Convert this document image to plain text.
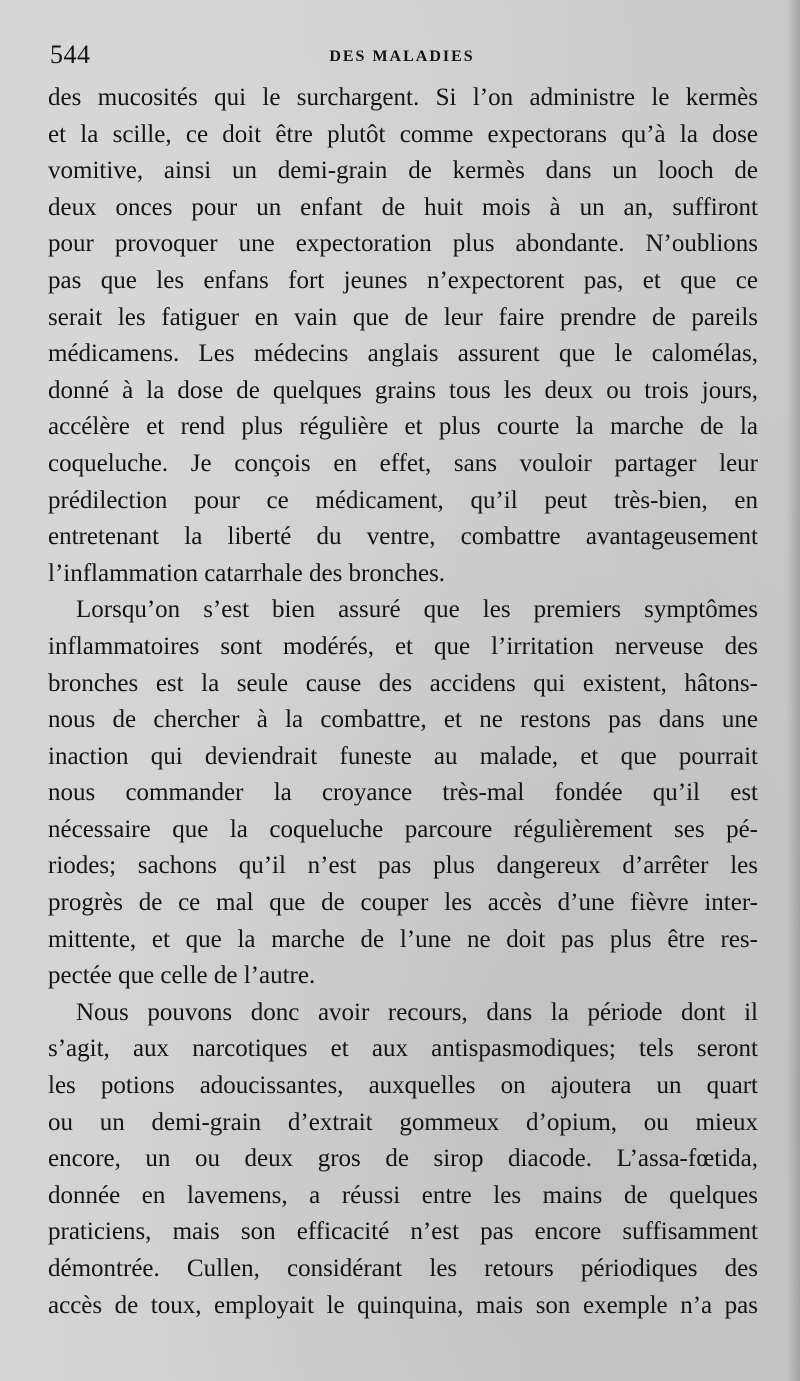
544	DES MALADIES
des mucosités qui le surchargent. Si l’on administre le kermès
et la scille, ce doit être plutôt comme expectorans qu’à la dose
vomitive, ainsi un demi-grain de kermès dans un looch de
deux onces pour un enfant de huit mois à un an, suffiront
pour provoquer une expectoration plus abondante. N’oublions
pas que les enfans fort jeunes n’expectorent pas, et que ce
serait les fatiguer en vain que de leur faire prendre de pareils
médicamens. Les médecins anglais assurent que le calomélas,
donné à la dose de quelques grains tous les deux ou trois jours,
accélère et rend plus régulière et plus courte la marche de la
coqueluche. Je conçois en effet, sans vouloir partager leur
prédilection pour ce médicament, qu’il peut très-bien, en
entretenant la liberté du ventre, combattre avantageusement
l’inflammation catarrhale des bronches.
Lorsqu’on s’est bien assuré que les premiers symptômes
inflammatoires sont modérés, et que l’irritation nerveuse des
bronches est la seule cause des accidens qui existent, hâtons-
nous de chercher à la combattre, et ne restons pas dans une
inaction qui deviendrait funeste au malade, et que pourrait
nous commander la croyance très-mal fondée qu’il est
nécessaire que la coqueluche parcoure régulièrement ses pé-
riodes; sachons qu’il n’est pas plus dangereux d’arrêter les
progrès de ce mal que de couper les accès d’une fièvre inter-
mittente, et que la marche de l’une ne doit pas plus être res-
pectée que celle de l’autre.
Nous pouvons donc avoir recours, dans la période dont il
s’agit, aux narcotiques et aux antispasmodiques; tels seront
les potions adoucissantes, auxquelles on ajoutera un quart
ou un demi-grain d’extrait gommeux d’opium, ou mieux
encore, un ou deux gros de sirop diacode. L’assa-fœtida,
donnée en lavemens, a réussi entre les mains de quelques
praticiens, mais son efficacité n’est pas encore suffisamment
démontrée. Cullen, considérant les retours périodiques des
accès de toux, employait le quinquina, mais son exemple n’a pas
